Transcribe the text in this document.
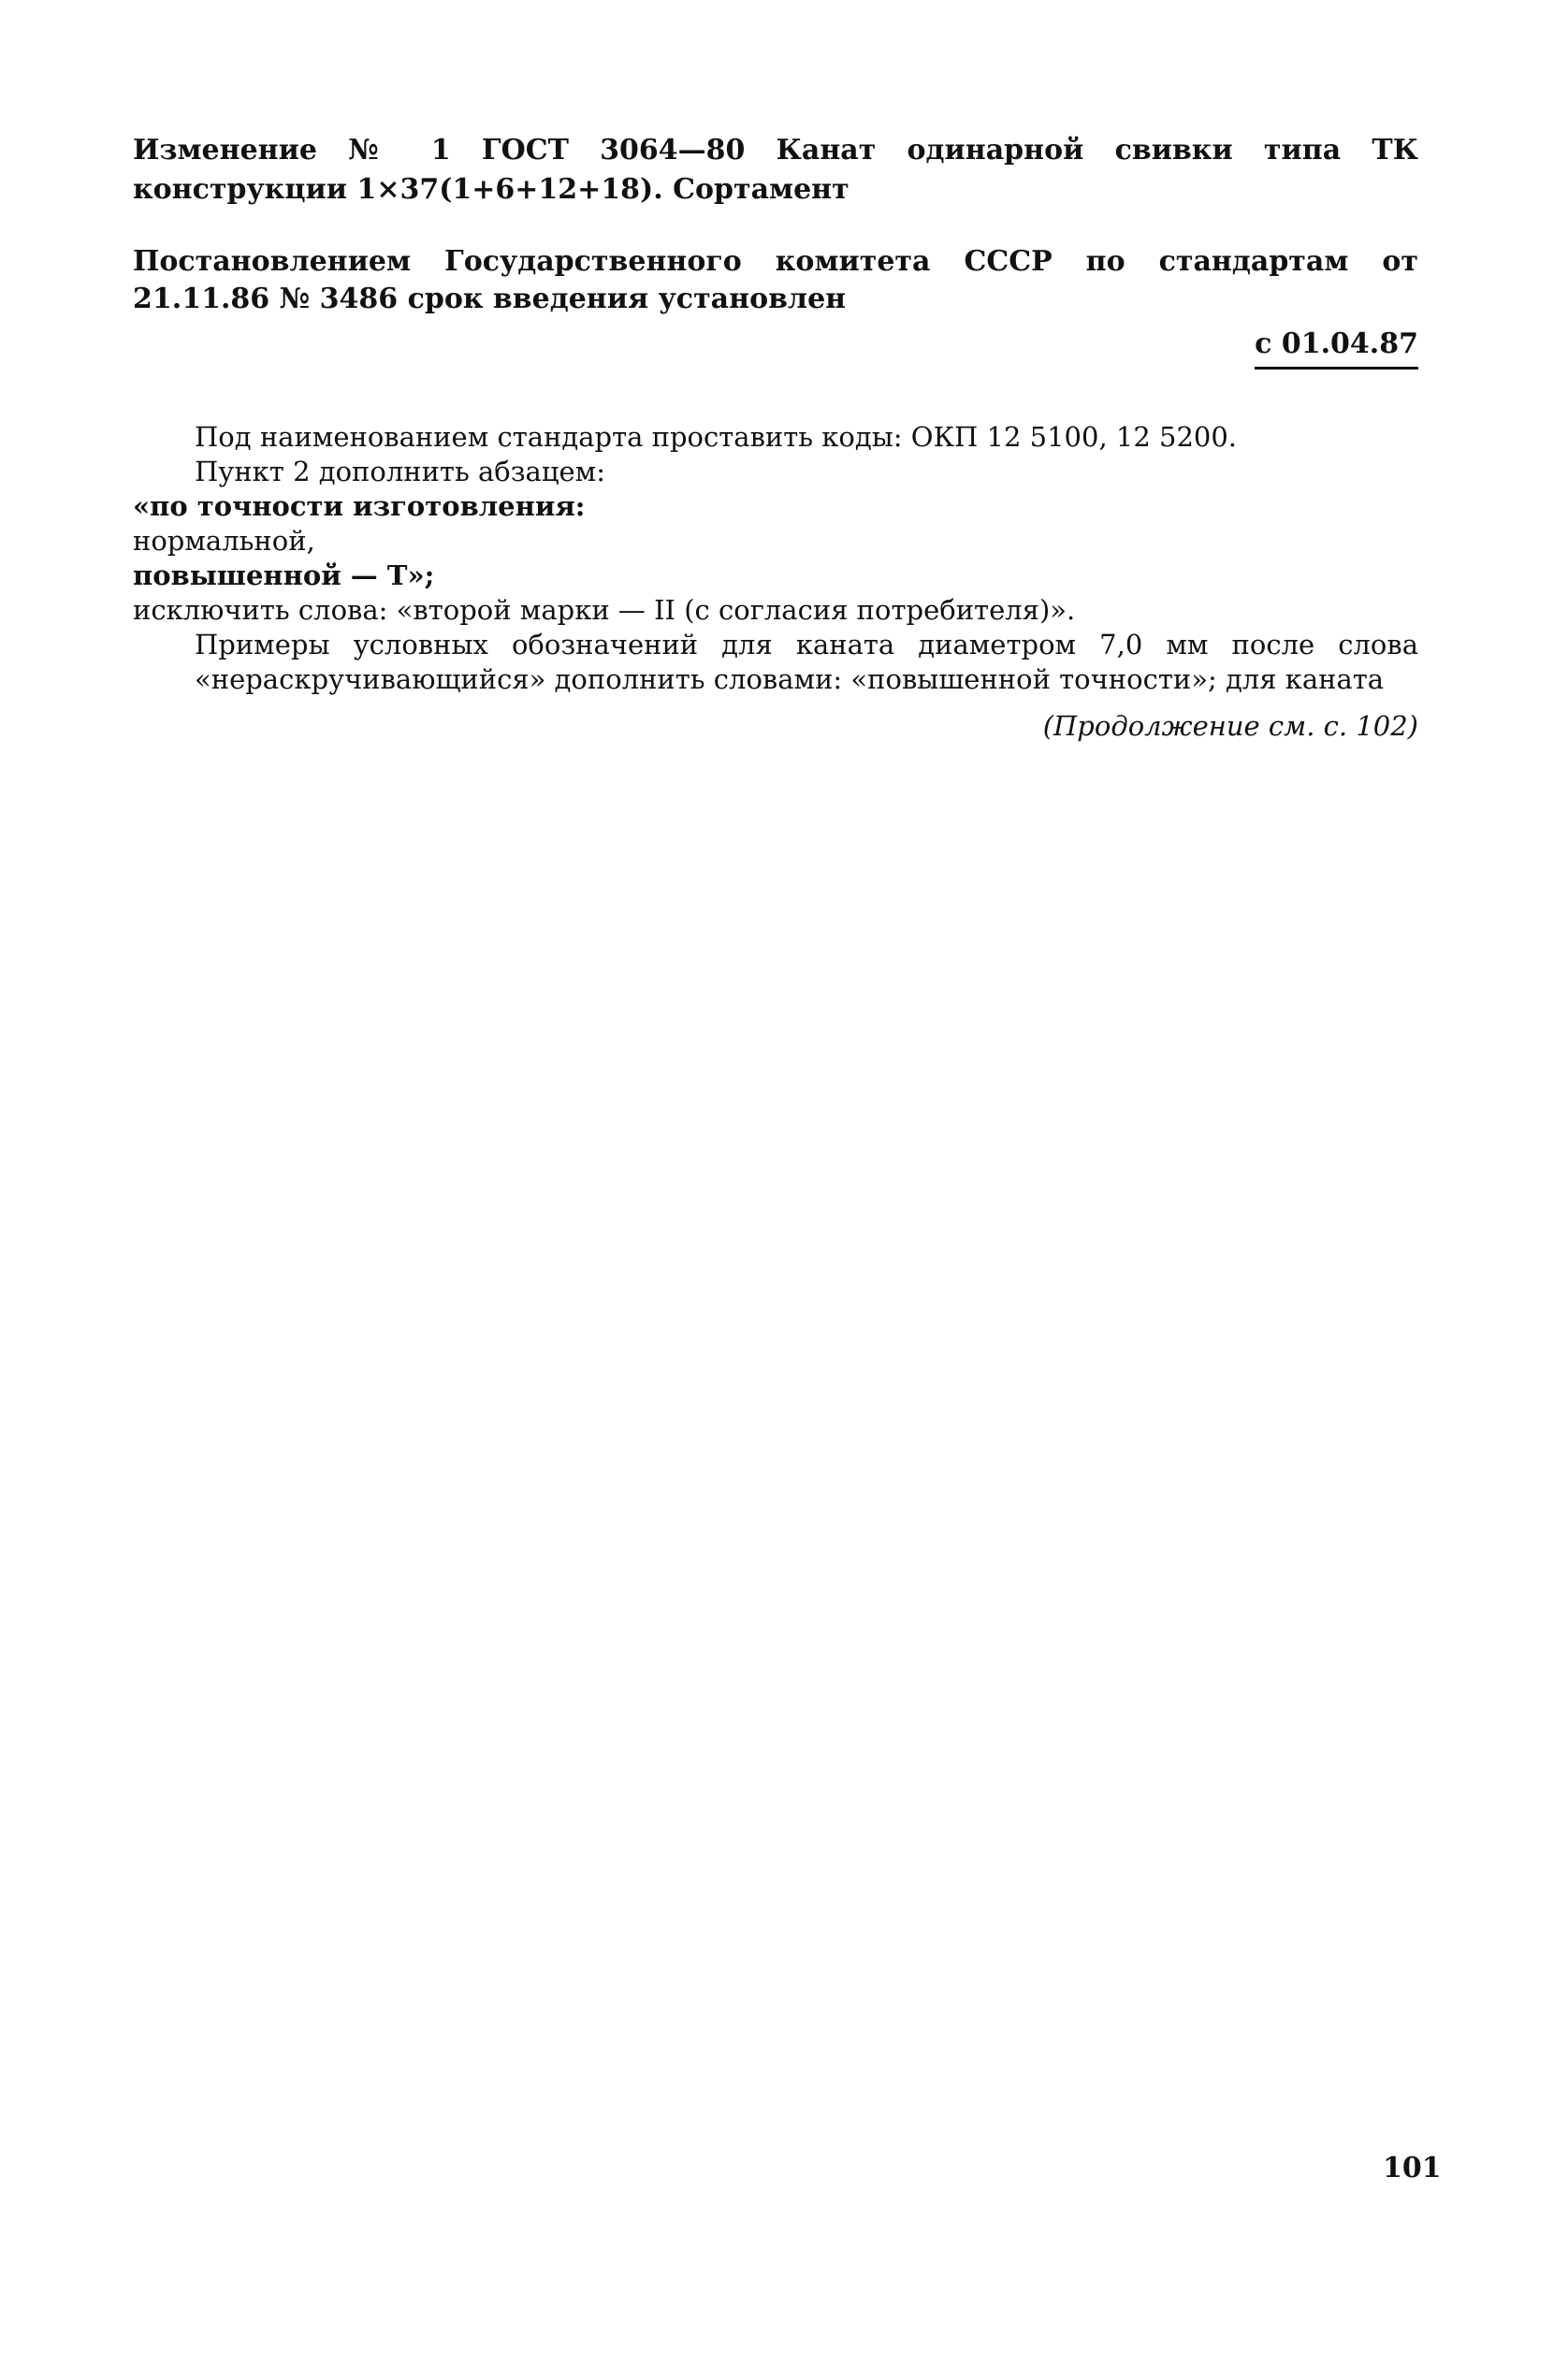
Изменение № 1 ГОСТ 3064—80 Канат одинарной свивки типа ТК конструкции 1×37(1+6+12+18). Сортамент

Постановлением Государственного комитета СССР по стандартам от 21.11.86 № 3486 срок введения установлен

с 01.04.87
Под наименованием стандарта проставить коды: ОКП 12 5100, 12 5200.
Пункт 2 дополнить абзацем:
«по точности изготовления:
нормальной,
повышенной — Т»;
исключить слова: «второй марки — II (с согласия потребителя)».
Примеры условных обозначений для каната диаметром 7,0 мм после слова «нераскручивающийся» дополнить словами: «повышенной точности»; для каната
(Продолжение см. с. 102)
101
